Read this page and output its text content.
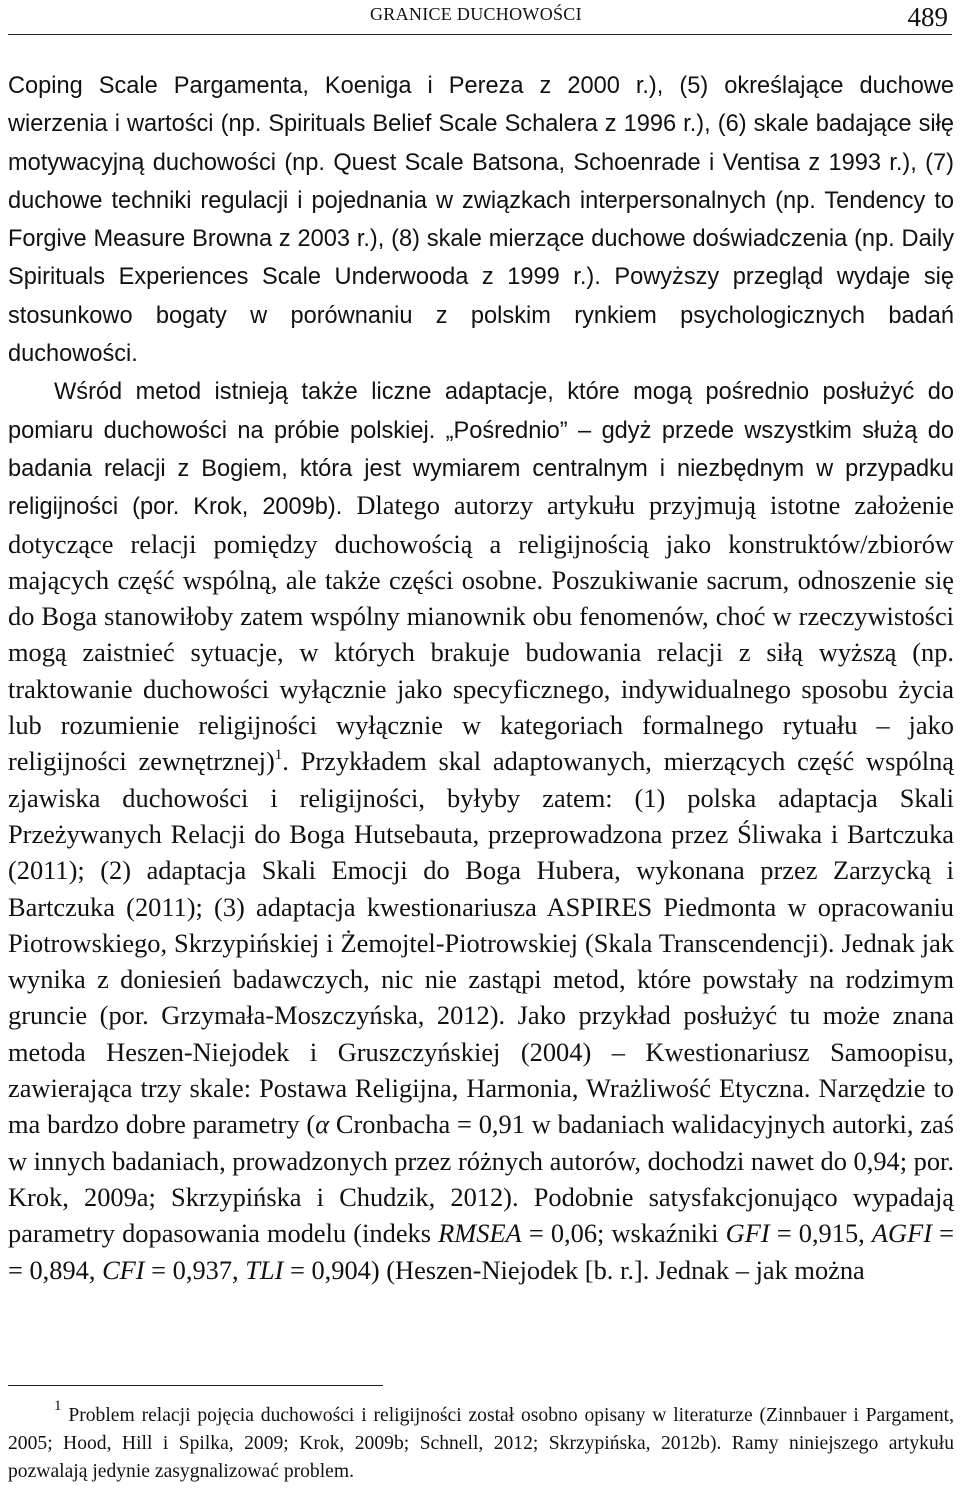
GRANICE DUCHOWOŚCI	489

Coping Scale Pargamenta, Koeniga i Pereza z 2000 r.), (5) określające duchowe wierzenia i wartości (np. Spirituals Belief Scale Schalera z 1996 r.), (6) skale badające siłę motywacyjną duchowości (np. Quest Scale Batsona, Schoenrade i Ventisa z 1993 r.), (7) duchowe techniki regulacji i pojednania w związkach interpersonalnych (np. Tendency to Forgive Measure Browna z 2003 r.), (8) skale mierzące duchowe doświadczenia (np. Daily Spirituals Experiences Scale Underwooda z 1999 r.). Powyższy przegląd wydaje się stosunkowo bogaty w porównaniu z polskim rynkiem psychologicznych badań duchowości.

Wśród metod istnieją także liczne adaptacje, które mogą pośrednio posłużyć do pomiaru duchowości na próbie polskiej. „Pośrednio” – gdyż przede wszystkim służą do badania relacji z Bogiem, która jest wymiarem centralnym i niezbędnym w przypadku religijności (por. Krok, 2009b). Dlatego autorzy artykułu przyjmują istotne założenie dotyczące relacji pomiędzy duchowością a religijnością jako konstruktów/zbiorów mających część wspólną, ale także części osobne. Poszukiwanie sacrum, odnoszenie się do Boga stanowiłoby zatem wspólny mianownik obu fenomenów, choć w rzeczywistości mogą zaistnieć sytuacje, w których brakuje budowania relacji z siłą wyższą (np. traktowanie duchowości wyłącznie jako specyficznego, indywidualnego sposobu życia lub rozumienie religijności wyłącznie w kategoriach formalnego rytuału – jako religijności zewnętrznej)$^1$. Przykładem skal adaptowanych, mierzących część wspólną zjawiska duchowości i religijności, byłyby zatem: (1) polska adaptacja Skali Przeżywanych Relacji do Boga Hutsebauta, przeprowadzona przez Śliwaka i Bartczuka (2011); (2) adaptacja Skali Emocji do Boga Hubera, wykonana przez Zarzycką i Bartczuka (2011); (3) adaptacja kwestionariusza ASPIRES Piedmonta w opracowaniu Piotrowskiego, Skrzypińskiej i Żemojtel-Piotrowskiej (Skala Transcendencji). Jednak jak wynika z doniesień badawczych, nic nie zastąpi metod, które powstały na rodzimym gruncie (por. Grzymała-Moszczyńska, 2012). Jako przykład posłużyć tu może znana metoda Heszen-Niejodek i Gruszczyńskiej (2004) – Kwestionariusz Samoopisu, zawierająca trzy skale: Postawa Religijna, Harmonia, Wrażliwość Etyczna. Narzędzie to ma bardzo dobre parametry (α Cronbacha = 0,91 w badaniach walidacyjnych autorki, zaś w innych badaniach, prowadzonych przez różnych autorów, dochodzi nawet do 0,94; por. Krok, 2009a; Skrzypińska i Chudzik, 2012). Podobnie satysfakcjonująco wypadają parametry dopasowania modelu (indeks RMSEA = 0,06; wskaźniki GFI = 0,915, AGFI = = 0,894, CFI = 0,937, TLI = 0,904) (Heszen-Niejodek [b. r.]. Jednak – jak można

$^1$ Problem relacji pojęcia duchowości i religijności został osobno opisany w literaturze (Zinnbauer i Pargament, 2005; Hood, Hill i Spilka, 2009; Krok, 2009b; Schnell, 2012; Skrzypińska, 2012b). Ramy niniejszego artykułu pozwalają jedynie zasygnalizować problem.
